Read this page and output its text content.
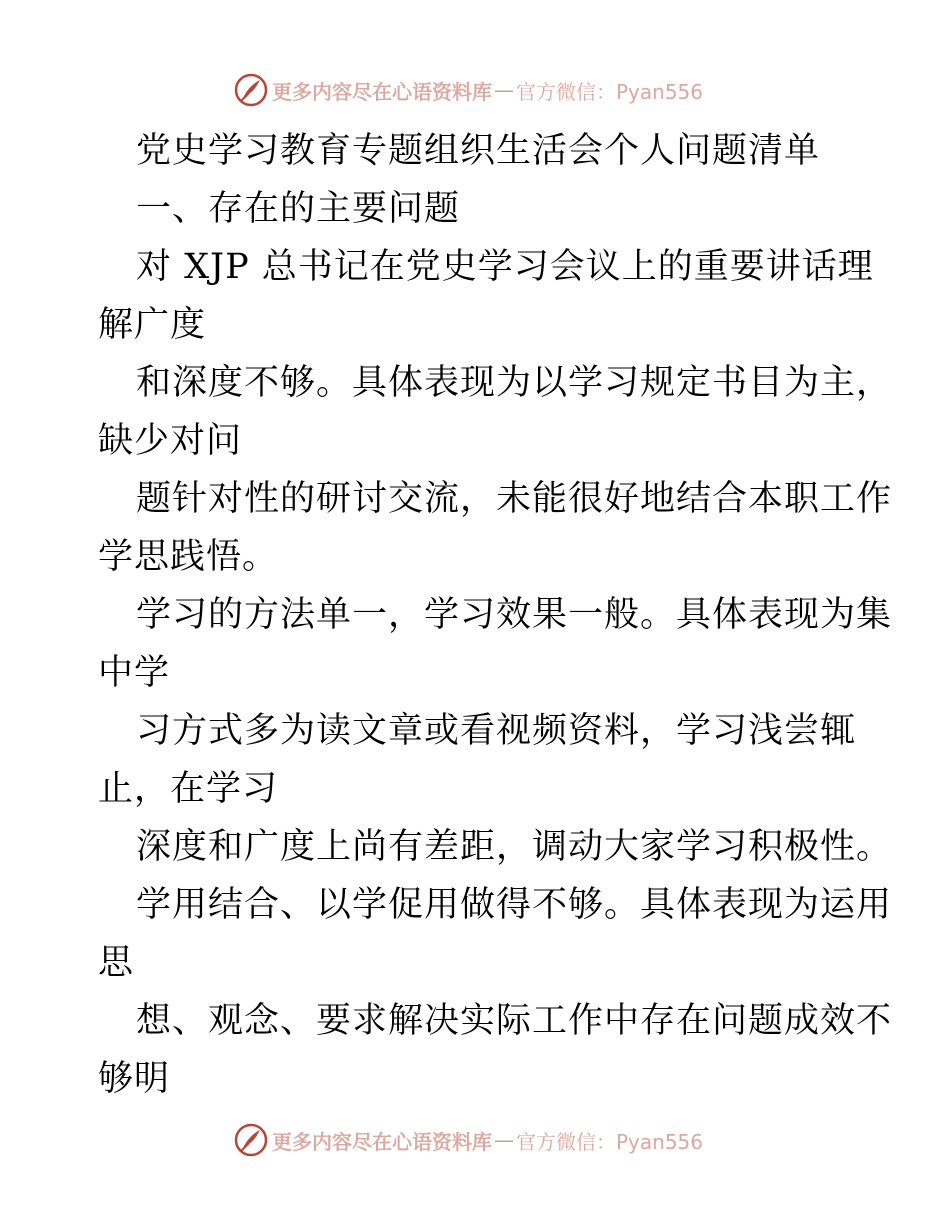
更多内容尽在心语资料库 — 官方微信：Pyan556
党史学习教育专题组织生活会个人问题清单
一、存在的主要问题
对 XJP 总书记在党史学习会议上的重要讲话理
解广度
和深度不够。具体表现为以学习规定书目为主，
缺少对问
题针对性的研讨交流，未能很好地结合本职工作
学思践悟。
学习的方法单一，学习效果一般。具体表现为集
中学
习方式多为读文章或看视频资料，学习浅尝辄
止，在学习
深度和广度上尚有差距，调动大家学习积极性。
学用结合、以学促用做得不够。具体表现为运用
思
想、观念、要求解决实际工作中存在问题成效不
够明
更多内容尽在心语资料库 — 官方微信：Pyan556
